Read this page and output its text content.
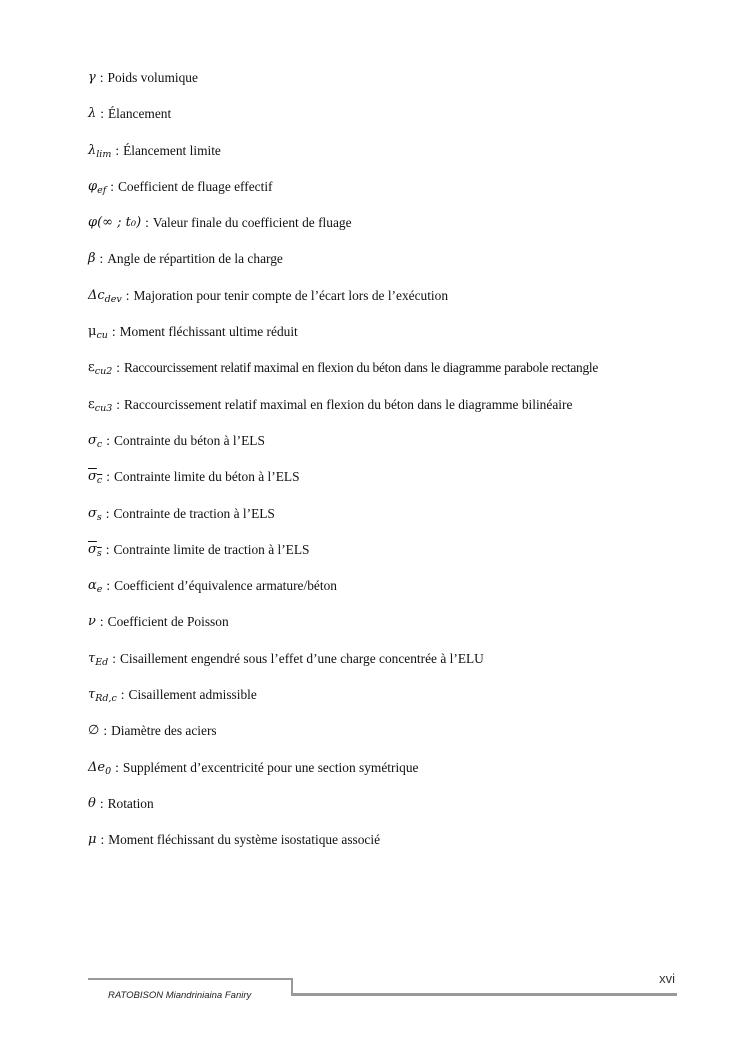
γ : Poids volumique
λ : Élancement
$\lambda_{lim}$ : Élancement limite
$\varphi_{ef}$ : Coefficient de fluage effectif
φ(∞ ; t₀) : Valeur finale du coefficient de fluage
β : Angle de répartition de la charge
$\Delta c_{dev}$ : Majoration pour tenir compte de l’écart lors de l’exécution
$\mu_{cu}$ : Moment fléchissant ultime réduit
$\varepsilon_{cu2}$ : Raccourcissement relatif maximal en flexion du béton dans le diagramme parabole rectangle
$\varepsilon_{cu3}$ : Raccourcissement relatif maximal en flexion du béton dans le diagramme bilinéaire
$\sigma_c$ : Contrainte du béton à l’ELS
$\sigma_c$ : Contrainte limite du béton à l’ELS
$\sigma_s$ : Contrainte de traction à l’ELS
$\sigma_s$ : Contrainte limite de traction à l’ELS
$\alpha_e$ : Coefficient d’équivalence armature/béton
ν : Coefficient de Poisson
$\tau_{Ed}$ : Cisaillement engendré sous l’effet d’une charge concentrée à l’ELU
$\tau_{Rd,c}$ : Cisaillement admissible
∅ : Diamètre des aciers
$\Delta e_0$ : Supplément d’excentricité pour une section symétrique
θ : Rotation
μ : Moment fléchissant du système isostatique associé
xvi
RATOBISON Miandriniaina Faniry
